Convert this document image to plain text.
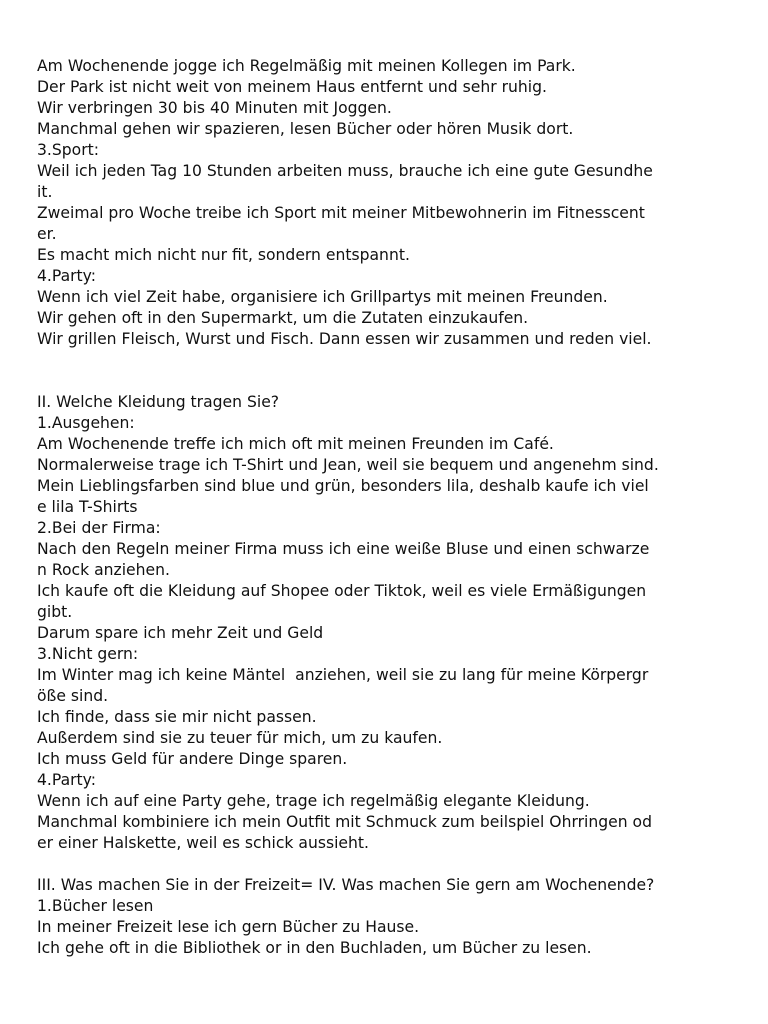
Am Wochenende jogge ich Regelmäßig mit meinen Kollegen im Park.
Der Park ist nicht weit von meinem Haus entfernt und sehr ruhig.
Wir verbringen 30 bis 40 Minuten mit Joggen.
Manchmal gehen wir spazieren, lesen Bücher oder hören Musik dort.
3.Sport:
Weil ich jeden Tag 10 Stunden arbeiten muss, brauche ich eine gute Gesundhe
it.
Zweimal pro Woche treibe ich Sport mit meiner Mitbewohnerin im Fitnesscent
er.
Es macht mich nicht nur fit, sondern entspannt.
4.Party:
Wenn ich viel Zeit habe, organisiere ich Grillpartys mit meinen Freunden.
Wir gehen oft in den Supermarkt, um die Zutaten einzukaufen.
Wir grillen Fleisch, Wurst und Fisch. Dann essen wir zusammen und reden viel.
II. Welche Kleidung tragen Sie?
1.Ausgehen:
Am Wochenende treffe ich mich oft mit meinen Freunden im Café.
Normalerweise trage ich T-Shirt und Jean, weil sie bequem und angenehm sind.
Mein Lieblingsfarben sind blue und grün, besonders lila, deshalb kaufe ich viel
e lila T-Shirts
2.Bei der Firma:
Nach den Regeln meiner Firma muss ich eine weiße Bluse und einen schwarze
n Rock anziehen.
Ich kaufe oft die Kleidung auf Shopee oder Tiktok, weil es viele Ermäßigungen
gibt.
Darum spare ich mehr Zeit und Geld
3.Nicht gern:
Im Winter mag ich keine Mäntel  anziehen, weil sie zu lang für meine Körpergr
öße sind.
Ich finde, dass sie mir nicht passen.
Außerdem sind sie zu teuer für mich, um zu kaufen.
Ich muss Geld für andere Dinge sparen.
4.Party:
Wenn ich auf eine Party gehe, trage ich regelmäßig elegante Kleidung.
Manchmal kombiniere ich mein Outfit mit Schmuck zum beilspiel Ohrringen od
er einer Halskette, weil es schick aussieht.
III. Was machen Sie in der Freizeit= IV. Was machen Sie gern am Wochenende?
1.Bücher lesen
In meiner Freizeit lese ich gern Bücher zu Hause.
Ich gehe oft in die Bibliothek or in den Buchladen, um Bücher zu lesen.
